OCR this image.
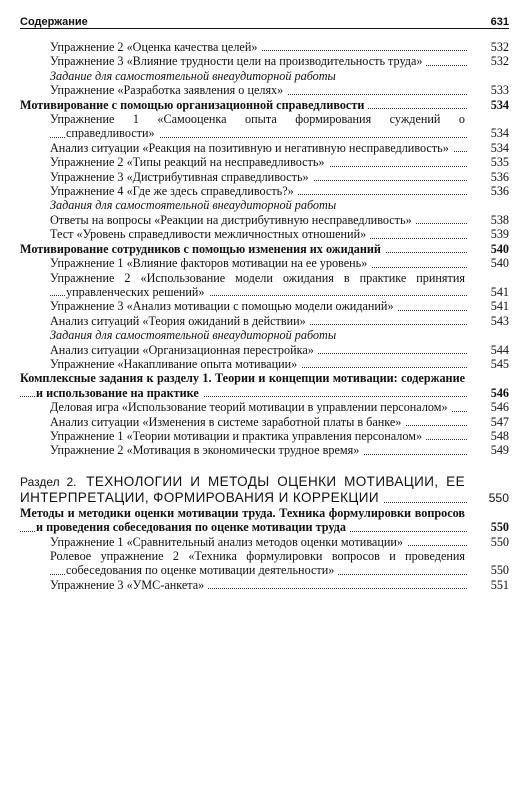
Содержание	631
Упражнение 2 «Оценка качества целей»	532
Упражнение 3 «Влияние трудности цели на производительность труда»	532
Задание для самостоятельной внеаудиторной работы
Упражнение «Разработка заявления о целях»	533
Мотивирование с помощью организационной справедливости	534
Упражнение 1 «Самооценка опыта формирования суждений о справедливости»	534
Анализ ситуации «Реакция на позитивную и негативную несправедливость»	534
Упражнение 2 «Типы реакций на несправедливость»	535
Упражнение 3 «Дистрибутивная справедливость»	536
Упражнение 4 «Где же здесь справедливость?»	536
Задания для самостоятельной внеаудиторной работы
Ответы на вопросы «Реакции на дистрибутивную несправедливость»	538
Тест «Уровень справедливости межличностных отношений»	539
Мотивирование сотрудников с помощью изменения их ожиданий	540
Упражнение 1 «Влияние факторов мотивации на ее уровень»	540
Упражнение 2 «Использование модели ожидания в практике принятия управленческих решений»	541
Упражнение 3 «Анализ мотивации с помощью модели ожиданий»	541
Анализ ситуаций «Теория ожиданий в действии»	543
Задания для самостоятельной внеаудиторной работы
Анализ ситуации «Организационная перестройка»	544
Упражнение «Накапливание опыта мотивации»	545
Комплексные задания к разделу 1. Теории и концепции мотивации: содержание и использование на практике	546
Деловая игра «Использование теорий мотивации в управлении персоналом»	546
Анализ ситуации «Изменения в системе заработной платы в банке»	547
Упражнение 1 «Теории мотивации и практика управления персоналом»	548
Упражнение 2 «Мотивация в экономически трудное время»	549
Раздел 2. ТЕХНОЛОГИИ И МЕТОДЫ ОЦЕНКИ МОТИВАЦИИ, ЕЕ ИНТЕРПРЕТАЦИИ, ФОРМИРОВАНИЯ И КОРРЕКЦИИ	550
Методы и методики оценки мотивации труда. Техника формулировки вопросов и проведения собеседования по оценке мотивации труда	550
Упражнение 1 «Сравнительный анализ методов оценки мотивации»	550
Ролевое упражнение 2 «Техника формулировки вопросов и проведения собеседования по оценке мотивации деятельности»	550
Упражнение 3 «УМС-анкета»	551
